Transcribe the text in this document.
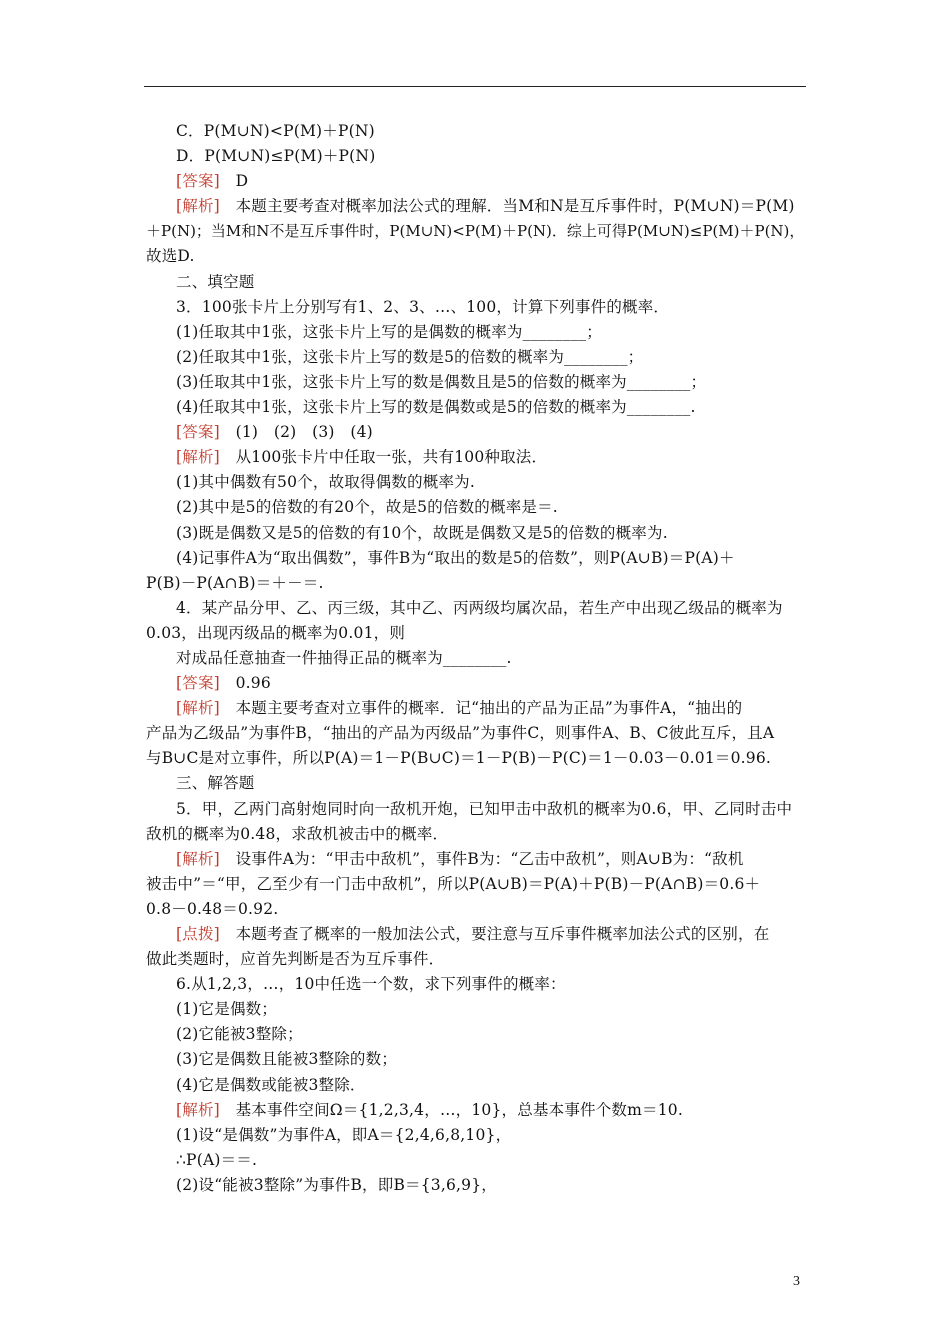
C．P(M∪N)<P(M)＋P(N)
D．P(M∪N)≤P(M)＋P(N)
[答案]　D
[解析]　本题主要考查对概率加法公式的理解．当M和N是互斥事件时，P(M∪N)＝P(M)
＋P(N)；当M和N不是互斥事件时，P(M∪N)<P(M)＋P(N)．综上可得P(M∪N)≤P(M)＋P(N)，
故选D.
二、填空题
3．100张卡片上分别写有1、2、3、…、100，计算下列事件的概率．
(1)任取其中1张，这张卡片上写的是偶数的概率为________；
(2)任取其中1张，这张卡片上写的数是5的倍数的概率为________；
(3)任取其中1张，这张卡片上写的数是偶数且是5的倍数的概率为________；
(4)任取其中1张，这张卡片上写的数是偶数或是5的倍数的概率为________.
[答案]　(1)　(2)　(3)　(4)
[解析]　从100张卡片中任取一张，共有100种取法．
(1)其中偶数有50个，故取得偶数的概率为.
(2)其中是5的倍数的有20个，故是5的倍数的概率是＝.
(3)既是偶数又是5的倍数的有10个，故既是偶数又是5的倍数的概率为.
(4)记事件A为“取出偶数”，事件B为“取出的数是5的倍数”，则P(A∪B)＝P(A)＋
P(B)－P(A∩B)＝＋－＝.
4．某产品分甲、乙、丙三级，其中乙、丙两级均属次品，若生产中出现乙级品的概率为
0.03，出现丙级品的概率为0.01，则
对成品任意抽查一件抽得正品的概率为________.
[答案]　0.96
[解析]　本题主要考查对立事件的概率．记“抽出的产品为正品”为事件A，“抽出的
产品为乙级品”为事件B，“抽出的产品为丙级品”为事件C，则事件A、B、C彼此互斥，且A
与B∪C是对立事件，所以P(A)＝1－P(B∪C)＝1－P(B)－P(C)＝1－0.03－0.01＝0.96.
三、解答题
5．甲，乙两门高射炮同时向一敌机开炮，已知甲击中敌机的概率为0.6，甲、乙同时击中
敌机的概率为0.48，求敌机被击中的概率．
[解析]　设事件A为：“甲击中敌机”，事件B为：“乙击中敌机”，则A∪B为：“敌机
被击中”＝“甲，乙至少有一门击中敌机”，所以P(A∪B)＝P(A)＋P(B)－P(A∩B)＝0.6＋
0.8－0.48＝0.92.
[点拨]　本题考查了概率的一般加法公式，要注意与互斥事件概率加法公式的区别，在
做此类题时，应首先判断是否为互斥事件．
6.从1,2,3，…，10中任选一个数，求下列事件的概率：
(1)它是偶数；
(2)它能被3整除；
(3)它是偶数且能被3整除的数；
(4)它是偶数或能被3整除．
[解析]　基本事件空间Ω＝{1,2,3,4，…，10}，总基本事件个数m＝10.
(1)设“是偶数”为事件A，即A＝{2,4,6,8,10}，
∴P(A)＝＝.
(2)设“能被3整除”为事件B，即B＝{3,6,9}，
3
